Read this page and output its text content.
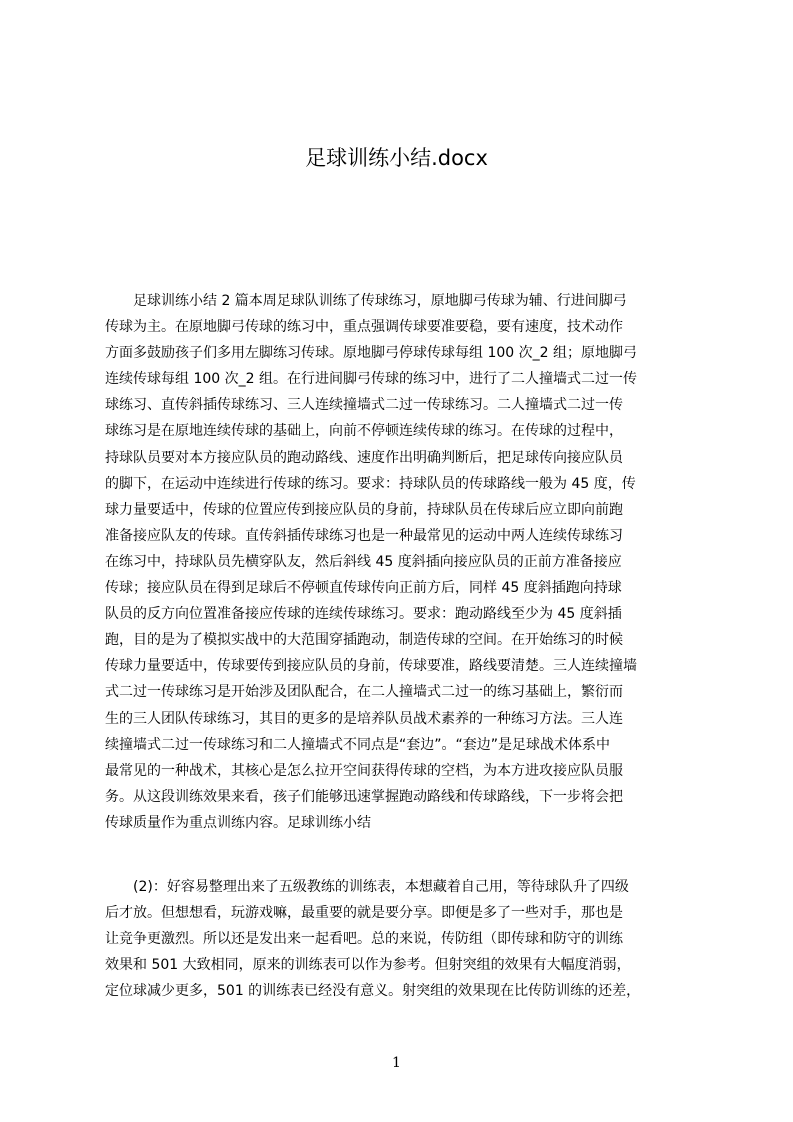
足球训练小结.docx
　　足球训练小结 2 篇本周足球队训练了传球练习，原地脚弓传球为辅、行进间脚弓
传球为主。在原地脚弓传球的练习中，重点强调传球要准要稳，要有速度，技术动作
方面多鼓励孩子们多用左脚练习传球。原地脚弓停球传球每组 100 次_2 组；原地脚弓
连续传球每组 100 次_2 组。在行进间脚弓传球的练习中，进行了二人撞墙式二过一传
球练习、直传斜插传球练习、三人连续撞墙式二过一传球练习。二人撞墙式二过一传
球练习是在原地连续传球的基础上，向前不停顿连续传球的练习。在传球的过程中，
持球队员要对本方接应队员的跑动路线、速度作出明确判断后，把足球传向接应队员
的脚下，在运动中连续进行传球的练习。要求：持球队员的传球路线一般为 45 度，传
球力量要适中，传球的位置应传到接应队员的身前，持球队员在传球后应立即向前跑
准备接应队友的传球。直传斜插传球练习也是一种最常见的运动中两人连续传球练习
在练习中，持球队员先横穿队友，然后斜线 45 度斜插向接应队员的正前方准备接应
传球；接应队员在得到足球后不停顿直传球传向正前方后，同样 45 度斜插跑向持球
队员的反方向位置准备接应传球的连续传球练习。要求：跑动路线至少为 45 度斜插
跑，目的是为了模拟实战中的大范围穿插跑动，制造传球的空间。在开始练习的时候
传球力量要适中，传球要传到接应队员的身前，传球要准，路线要清楚。三人连续撞墙
式二过一传球练习是开始涉及团队配合，在二人撞墙式二过一的练习基础上，繁衍而
生的三人团队传球练习，其目的更多的是培养队员战术素养的一种练习方法。三人连
续撞墙式二过一传球练习和二人撞墙式不同点是“套边”。“套边”是足球战术体系中
最常见的一种战术，其核心是怎么拉开空间获得传球的空档，为本方进攻接应队员服
务。从这段训练效果来看，孩子们能够迅速掌握跑动路线和传球路线，下一步将会把
传球质量作为重点训练内容。足球训练小结
　　(2)：好容易整理出来了五级教练的训练表，本想藏着自己用，等待球队升了四级
后才放。但想想看，玩游戏嘛，最重要的就是要分享。即便是多了一些对手，那也是
让竞争更激烈。所以还是发出来一起看吧。总的来说，传防组（即传球和防守的训练
效果和 501 大致相同，原来的训练表可以作为参考。但射突组的效果有大幅度消弱，
定位球减少更多，501 的训练表已经没有意义。射突组的效果现在比传防训练的还差，
1
